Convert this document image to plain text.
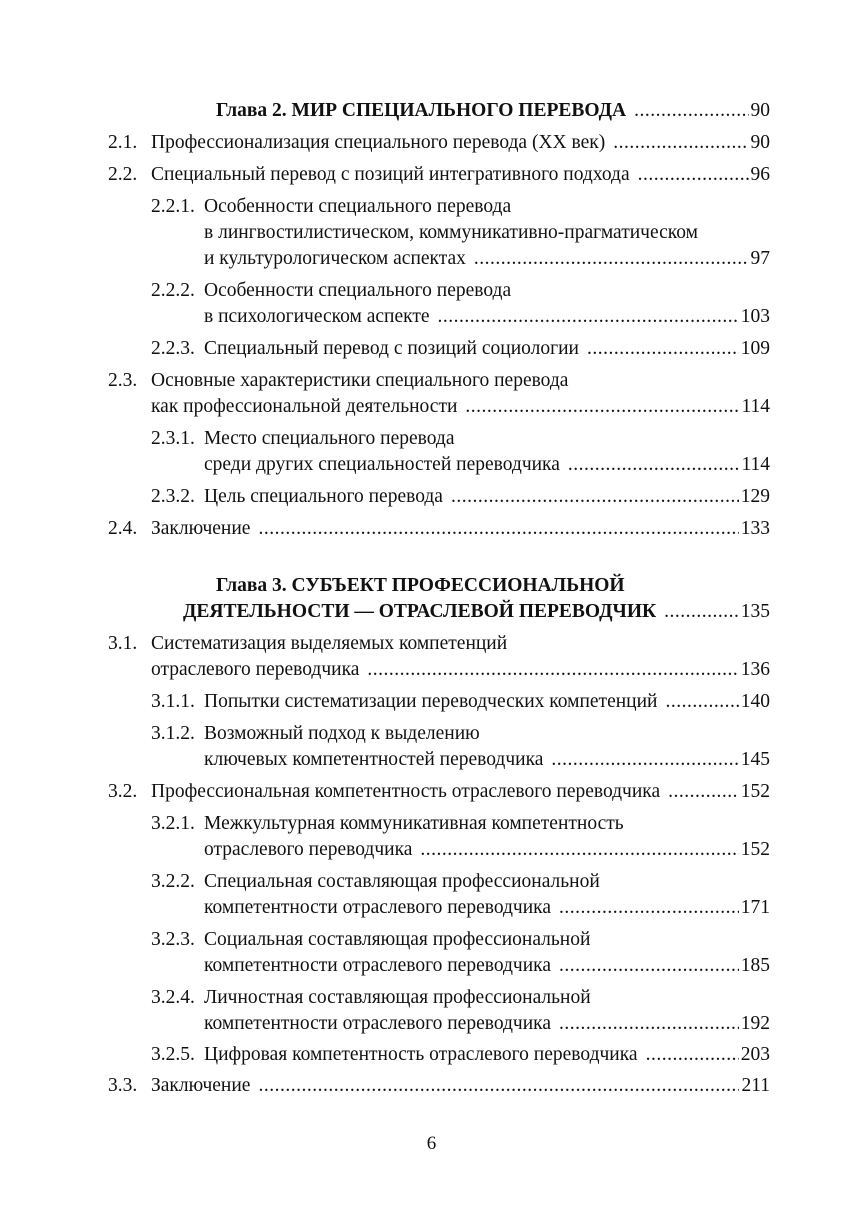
Глава 2. МИР СПЕЦИАЛЬНОГО ПЕРЕВОДА .....	90
2.1. Профессионализация специального перевода (XX век) .....	90
2.2. Специальный перевод с позиций интегративного подхода .....	96
2.2.1. Особенности специального перевода
в лингвостилистическом, коммуникативно-прагматическом
и культурологическом аспектах .....	97
2.2.2. Особенности специального перевода
в психологическом аспекте .....	103
2.2.3. Специальный перевод с позиций социологии .....	109
2.3. Основные характеристики специального перевода
как профессиональной деятельности .....	114
2.3.1. Место специального перевода
среди других специальностей переводчика .....	114
2.3.2. Цель специального перевода .....	129
2.4. Заключение .....	133
Глава 3. СУБЪЕКТ ПРОФЕССИОНАЛЬНОЙ
ДЕЯТЕЛЬНОСТИ — ОТРАСЛЕВОЙ ПЕРЕВОДЧИК .....	135
3.1. Систематизация выделяемых компетенций
отраслевого переводчика .....	136
3.1.1. Попытки систематизации переводческих компетенций .....	140
3.1.2. Возможный подход к выделению
ключевых компетентностей переводчика .....	145
3.2. Профессиональная компетентность отраслевого переводчика .....	152
3.2.1. Межкультурная коммуникативная компетентность
отраслевого переводчика .....	152
3.2.2. Специальная составляющая профессиональной
компетентности отраслевого переводчика .....	171
3.2.3. Социальная составляющая профессиональной
компетентности отраслевого переводчика .....	185
3.2.4. Личностная составляющая профессиональной
компетентности отраслевого переводчика .....	192
3.2.5. Цифровая компетентность отраслевого переводчика .....	203
3.3. Заключение .....	211
6
